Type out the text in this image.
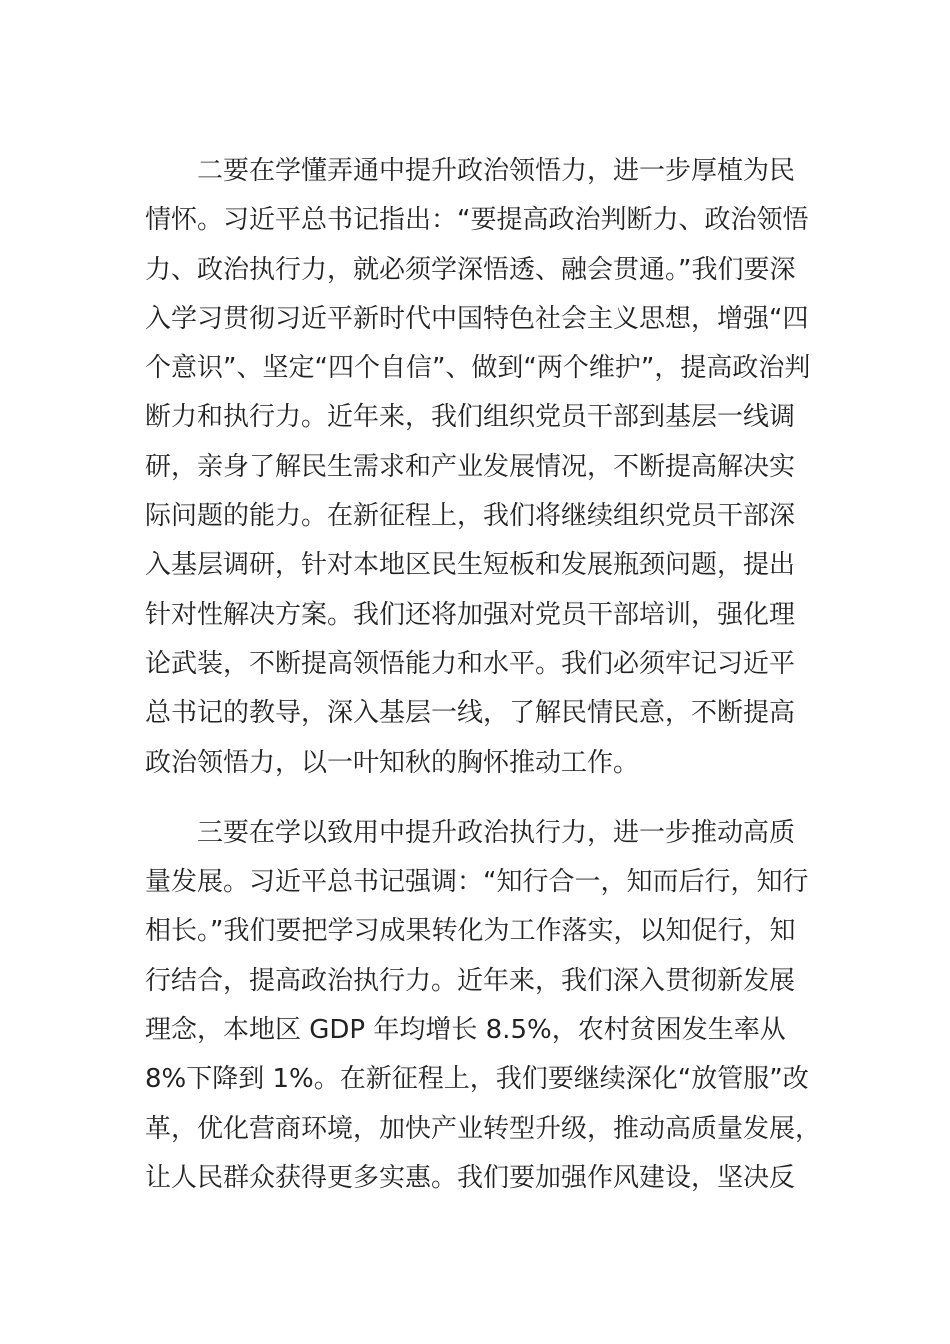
二要在学懂弄通中提升政治领悟力，进一步厚植为民
情怀。习近平总书记指出：“要提高政治判断力、政治领悟
力、政治执行力，就必须学深悟透、融会贯通。”我们要深
入学习贯彻习近平新时代中国特色社会主义思想，增强“四
个意识”、坚定“四个自信”、做到“两个维护”，提高政治判
断力和执行力。近年来，我们组织党员干部到基层一线调
研，亲身了解民生需求和产业发展情况，不断提高解决实
际问题的能力。在新征程上，我们将继续组织党员干部深
入基层调研，针对本地区民生短板和发展瓶颈问题，提出
针对性解决方案。我们还将加强对党员干部培训，强化理
论武装，不断提高领悟能力和水平。我们必须牢记习近平
总书记的教导，深入基层一线，了解民情民意，不断提高
政治领悟力，以一叶知秋的胸怀推动工作。
三要在学以致用中提升政治执行力，进一步推动高质
量发展。习近平总书记强调：“知行合一，知而后行，知行
相长。”我们要把学习成果转化为工作落实，以知促行，知
行结合，提高政治执行力。近年来，我们深入贯彻新发展
理念，本地区 GDP 年均增长 8.5%，农村贫困发生率从
8%下降到 1%。在新征程上，我们要继续深化“放管服”改
革，优化营商环境，加快产业转型升级，推动高质量发展，
让人民群众获得更多实惠。我们要加强作风建设，坚决反
